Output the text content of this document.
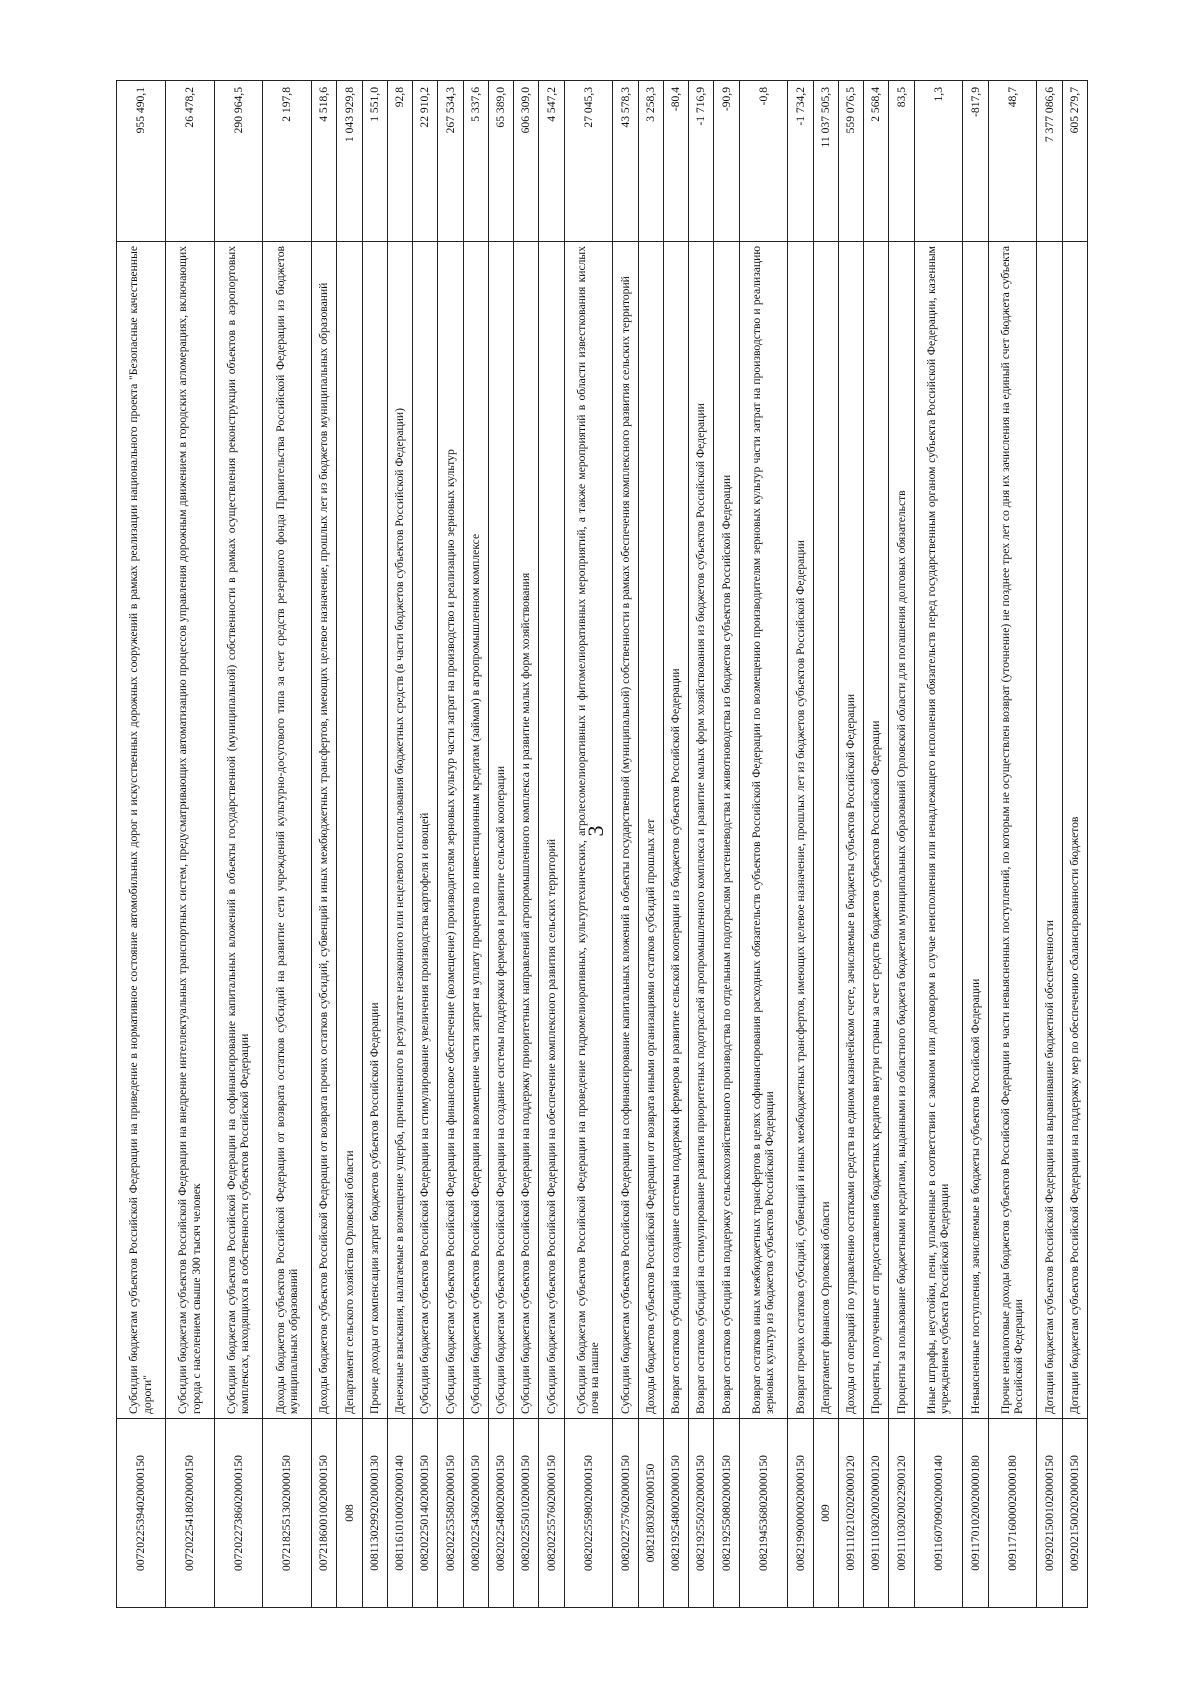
3
00720225394020000150	Субсидии бюджетам субъектов Российской Федерации на приведение в нормативное состояние автомобильных дорог и искусственных дорожных сооружений в рамках реализации национального проекта "Безопасные качественные дороги"	955 490,1
00720225418020000150	Субсидии бюджетам субъектов Российской Федерации на внедрение интеллектуальных транспортных систем, предусматривающих автоматизацию процессов управления дорожным движением в городских агломерациях, включающих города с населением свыше 300 тысяч человек	26 478,2
00720227386020000150	Субсидии бюджетам субъектов Российской Федерации на софинансирование капитальных вложений в объекты государственной (муниципальной) собственности в рамках осуществления реконструкции объектов в аэропортовых комплексах, находящихся в собственности субъектов Российской Федерации	290 964,5
00721825513020000150	Доходы бюджетов субъектов Российской Федерации от возврата остатков субсидий на развитие сети учреждений культурно-досугового типа за счет средств резервного фонда Правительства Российской Федерации из бюджетов муниципальных образований	2 197,8
00721860010020000150	Доходы бюджетов субъектов Российской Федерации от возврата прочих остатков субсидий, субвенций и иных межбюджетных трансфертов, имеющих целевое назначение, прошлых лет из бюджетов муниципальных образований	4 518,6
008	Департамент сельского хозяйства Орловской области	1 043 929,8
00811302992020000130	Прочие доходы от компенсации затрат бюджетов субъектов Российской Федерации	1 551,0
00811610100020000140	Денежные взыскания, налагаемые в возмещение ущерба, причиненного в результате незаконного или нецелевого использования бюджетных средств (в части бюджетов субъектов Российской Федерации)	92,8
00820225014020000150	Субсидии бюджетам субъектов Российской Федерации на стимулирование увеличения производства картофеля и овощей	22 910,2
00820225358020000150	Субсидии бюджетам субъектов Российской Федерации на финансовое обеспечение (возмещение) производителям зерновых культур части затрат на производство и реализацию зерновых культур	267 534,3
00820225436020000150	Субсидии бюджетам субъектов Российской Федерации на возмещение части затрат на уплату процентов по инвестиционным кредитам (займам) в агропромышленном комплексе	5 337,6
00820225480020000150	Субсидии бюджетам субъектов Российской Федерации на создание системы поддержки фермеров и развитие сельской кооперации	65 389,0
00820225501020000150	Субсидии бюджетам субъектов Российской Федерации на поддержку приоритетных направлений агропромышленного комплекса и развитие малых форм хозяйствования	606 309,0
00820225576020000150	Субсидии бюджетам субъектов Российской Федерации на обеспечение комплексного развития сельских территорий	4 547,2
00820225598020000150	Субсидии бюджетам субъектов Российской Федерации на проведение гидромелиоративных, культуртехнических, агролесомелиоративных и фитомелиоративных мероприятий, а также мероприятий в области известкования кислых почв на пашне	27 045,3
00820227576020000150	Субсидии бюджетам субъектов Российской Федерации на софинансирование капитальных вложений в объекты государственной (муниципальной) собственности в рамках обеспечения комплексного развития сельских территорий	43 578,3
00821803020000150	Доходы бюджетов субъектов Российской Федерации от возврата иными организациями остатков субсидий прошлых лет	3 258,3
00821925480020000150	Возврат остатков субсидий на создание системы поддержки фермеров и развитие сельской кооперации из бюджетов субъектов Российской Федерации	-80,4
00821925502020000150	Возврат остатков субсидий на стимулирование развития приоритетных подотраслей агропромышленного комплекса и развитие малых форм хозяйствования из бюджетов субъектов Российской Федерации	-1 716,9
00821925508020000150	Возврат остатков субсидий на поддержку сельскохозяйственного производства по отдельным подотраслям растениеводства и животноводства из бюджетов субъектов Российской Федерации	-90,9
00821945368020000150	Возврат остатков иных межбюджетных трансфертов в целях софинансирования расходных обязательств субъектов Российской Федерации по возмещению производителям зерновых культур части затрат на производство и реализацию зерновых культур из бюджетов субъектов Российской Федерации	-0,8
00821990000020000150	Возврат прочих остатков субсидий, субвенций и иных межбюджетных трансфертов, имеющих целевое назначение, прошлых лет из бюджетов субъектов Российской Федерации	-1 734,2
009	Департамент финансов Орловской области	11 037 505,3
00911102102020000120	Доходы от операций по управлению остатками средств на едином казначейском счете, зачисляемые в бюджеты субъектов Российской Федерации	559 076,5
00911103020020000120	Проценты, полученные от предоставления бюджетных кредитов внутри страны за счет средств бюджетов субъектов Российской Федерации	2 568,4
00911103020022900120	Проценты за пользование бюджетными кредитами, выданными из областного бюджета бюджетам муниципальных образований Орловской области для погашения долговых обязательств	83,5
00911607090020000140	Иные штрафы, неустойки, пени, уплаченные в соответствии с законом или договором в случае неисполнения или ненадлежащего исполнения обязательств перед государственным органом субъекта Российской Федерации, казенным учреждением субъекта Российской Федерации	1,3
00911701020020000180	Невыясненные поступления, зачисляемые в бюджеты субъектов Российской Федерации	-817,9
00911716000020000180	Прочие неналоговые доходы бюджетов субъектов Российской Федерации в части невыясненных поступлений, по которым не осуществлен возврат (уточнение) не позднее трех лет со дня их зачисления на единый счет бюджета субъекта Российской Федерации	48,7
00920215001020000150	Дотации бюджетам субъектов Российской Федерации на выравнивание бюджетной обеспеченности	7 377 086,6
00920215002020000150	Дотации бюджетам субъектов Российской Федерации на поддержку мер по обеспечению сбалансированности бюджетов	605 279,7
